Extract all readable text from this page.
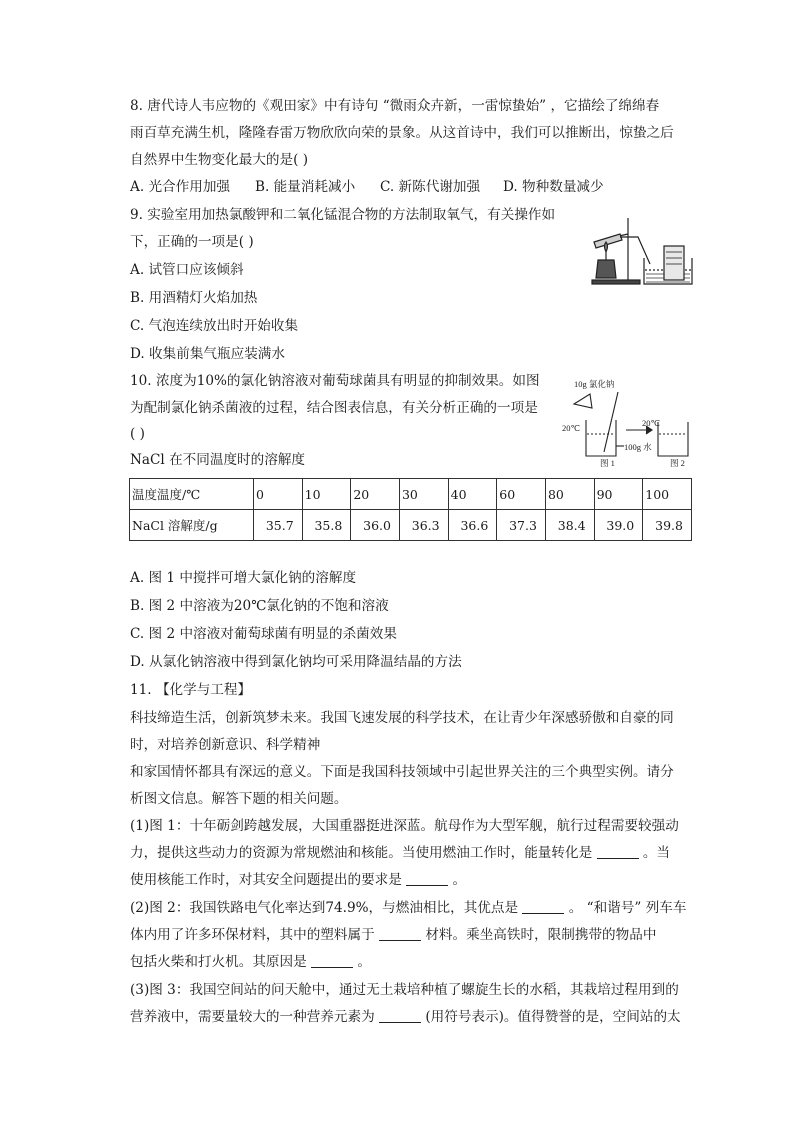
8. 唐代诗人韦应物的《观田家》中有诗句 “微雨众卉新，一雷惊蛰始” ，它描绘了绵绵春
雨百草充满生机，隆隆春雷万物欣欣向荣的景象。从这首诗中，我们可以推断出，惊蛰之后
自然界中生物变化最大的是( )
A. 光合作用加强 B. 能量消耗减小 C. 新陈代谢加强 D. 物种数量减少
9. 实验室用加热氯酸钾和二氧化锰混合物的方法制取氧气，有关操作如
下，正确的一项是( )
A. 试管口应该倾斜
B. 用酒精灯火焰加热
C. 气泡连续放出时开始收集
D. 收集前集气瓶应装满水
10. 浓度为10%的氯化钠溶液对葡萄球菌具有明显的抑制效果。如图
为配制氯化钠杀菌液的过程，结合图表信息，有关分析正确的一项是
( )
NaCl 在不同温度时的溶解度
10g 氯化钠
20℃
100g 水
20℃
图 1	图 2
温度温度/℃	0	10	20	30	40	60	80	90	100
NaCl 溶解度/g	35.7	35.8	36.0	36.3	36.6	37.3	38.4	39.0	39.8
A. 图 1 中搅拌可增大氯化钠的溶解度
B. 图 2 中溶液为20℃氯化钠的不饱和溶液
C. 图 2 中溶液对葡萄球菌有明显的杀菌效果
D. 从氯化钠溶液中得到氯化钠均可采用降温结晶的方法
11. 【化学与工程】
科技缔造生活，创新筑梦未来。我国飞速发展的科学技术，在让青少年深感骄傲和自豪的同
时，对培养创新意识、科学精神
和家国情怀都具有深远的意义。下面是我国科技领域中引起世界关注的三个典型实例。请分
析图文信息。解答下题的相关问题。
(1)图 1：十年砺剑跨越发展，大国重器挺进深蓝。航母作为大型军舰，航行过程需要较强动
力，提供这些动力的资源为常规燃油和核能。当使用燃油工作时，能量转化是	。当
使用核能工作时，对其安全问题提出的要求是	。
(2)图 2：我国铁路电气化率达到74.9%，与燃油相比，其优点是	。 “和谐号” 列车车
体内用了许多环保材料，其中的塑料属于	材料。乘坐高铁时，限制携带的物品中
包括火柴和打火机。其原因是	。
(3)图 3：我国空间站的问天舱中，通过无土栽培种植了螺旋生长的水稻，其栽培过程用到的
营养液中，需要量较大的一种营养元素为	(用符号表示)。值得赞誉的是，空间站的太
